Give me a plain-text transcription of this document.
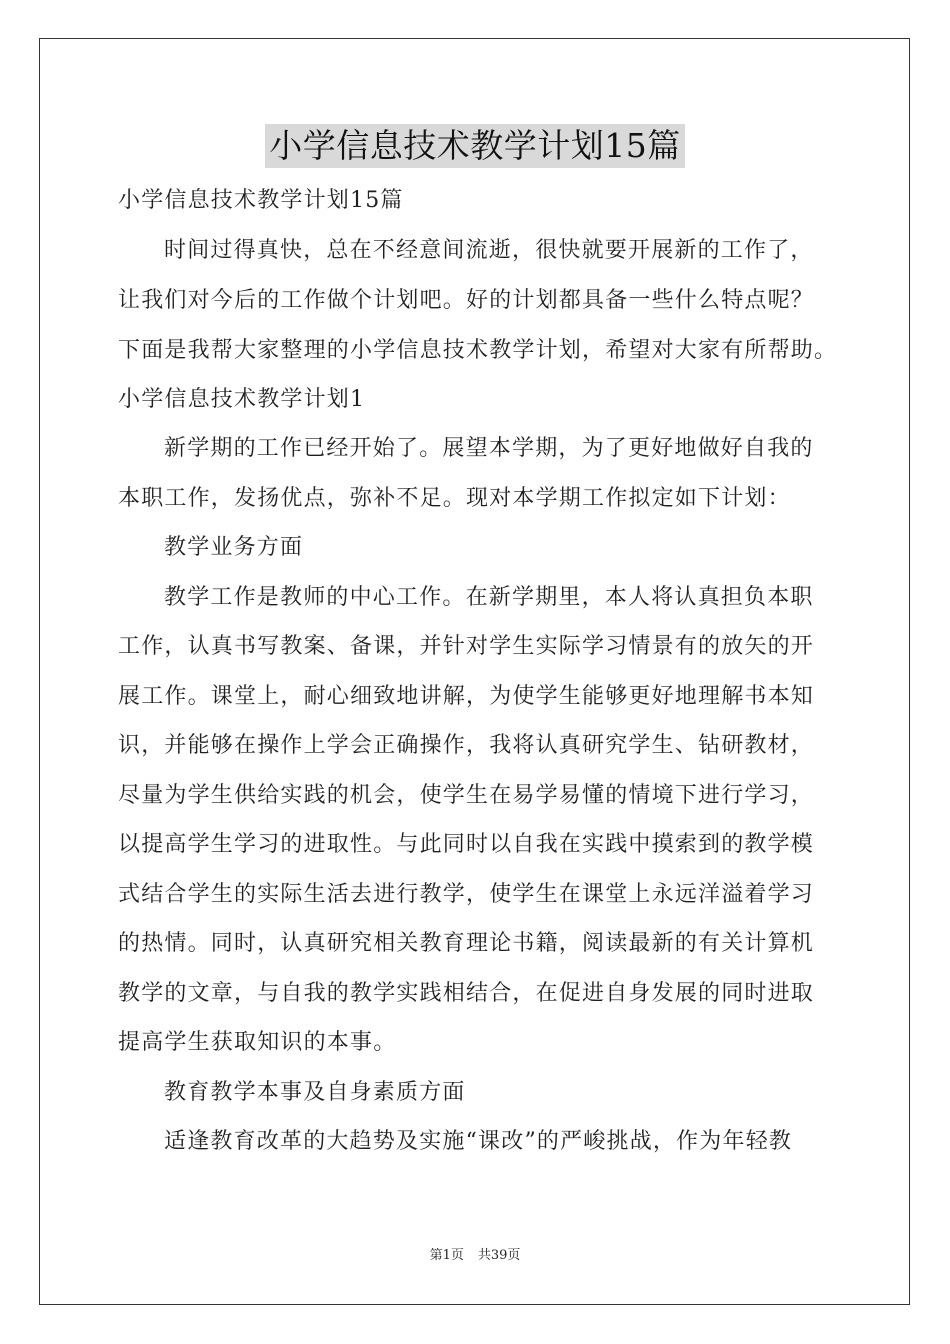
小学信息技术教学计划15篇
小学信息技术教学计划15篇
时间过得真快，总在不经意间流逝，很快就要开展新的工作了，
让我们对今后的工作做个计划吧。好的计划都具备一些什么特点呢？
下面是我帮大家整理的小学信息技术教学计划，希望对大家有所帮助。
小学信息技术教学计划1
新学期的工作已经开始了。展望本学期，为了更好地做好自我的
本职工作，发扬优点，弥补不足。现对本学期工作拟定如下计划：
教学业务方面
教学工作是教师的中心工作。在新学期里，本人将认真担负本职
工作，认真书写教案、备课，并针对学生实际学习情景有的放矢的开
展工作。课堂上，耐心细致地讲解，为使学生能够更好地理解书本知
识，并能够在操作上学会正确操作，我将认真研究学生、钻研教材，
尽量为学生供给实践的机会，使学生在易学易懂的情境下进行学习，
以提高学生学习的进取性。与此同时以自我在实践中摸索到的教学模
式结合学生的实际生活去进行教学，使学生在课堂上永远洋溢着学习
的热情。同时，认真研究相关教育理论书籍，阅读最新的有关计算机
教学的文章，与自我的教学实践相结合，在促进自身发展的同时进取
提高学生获取知识的本事。
教育教学本事及自身素质方面
适逢教育改革的大趋势及实施“课改”的严峻挑战，作为年轻教
第1页 共39页
